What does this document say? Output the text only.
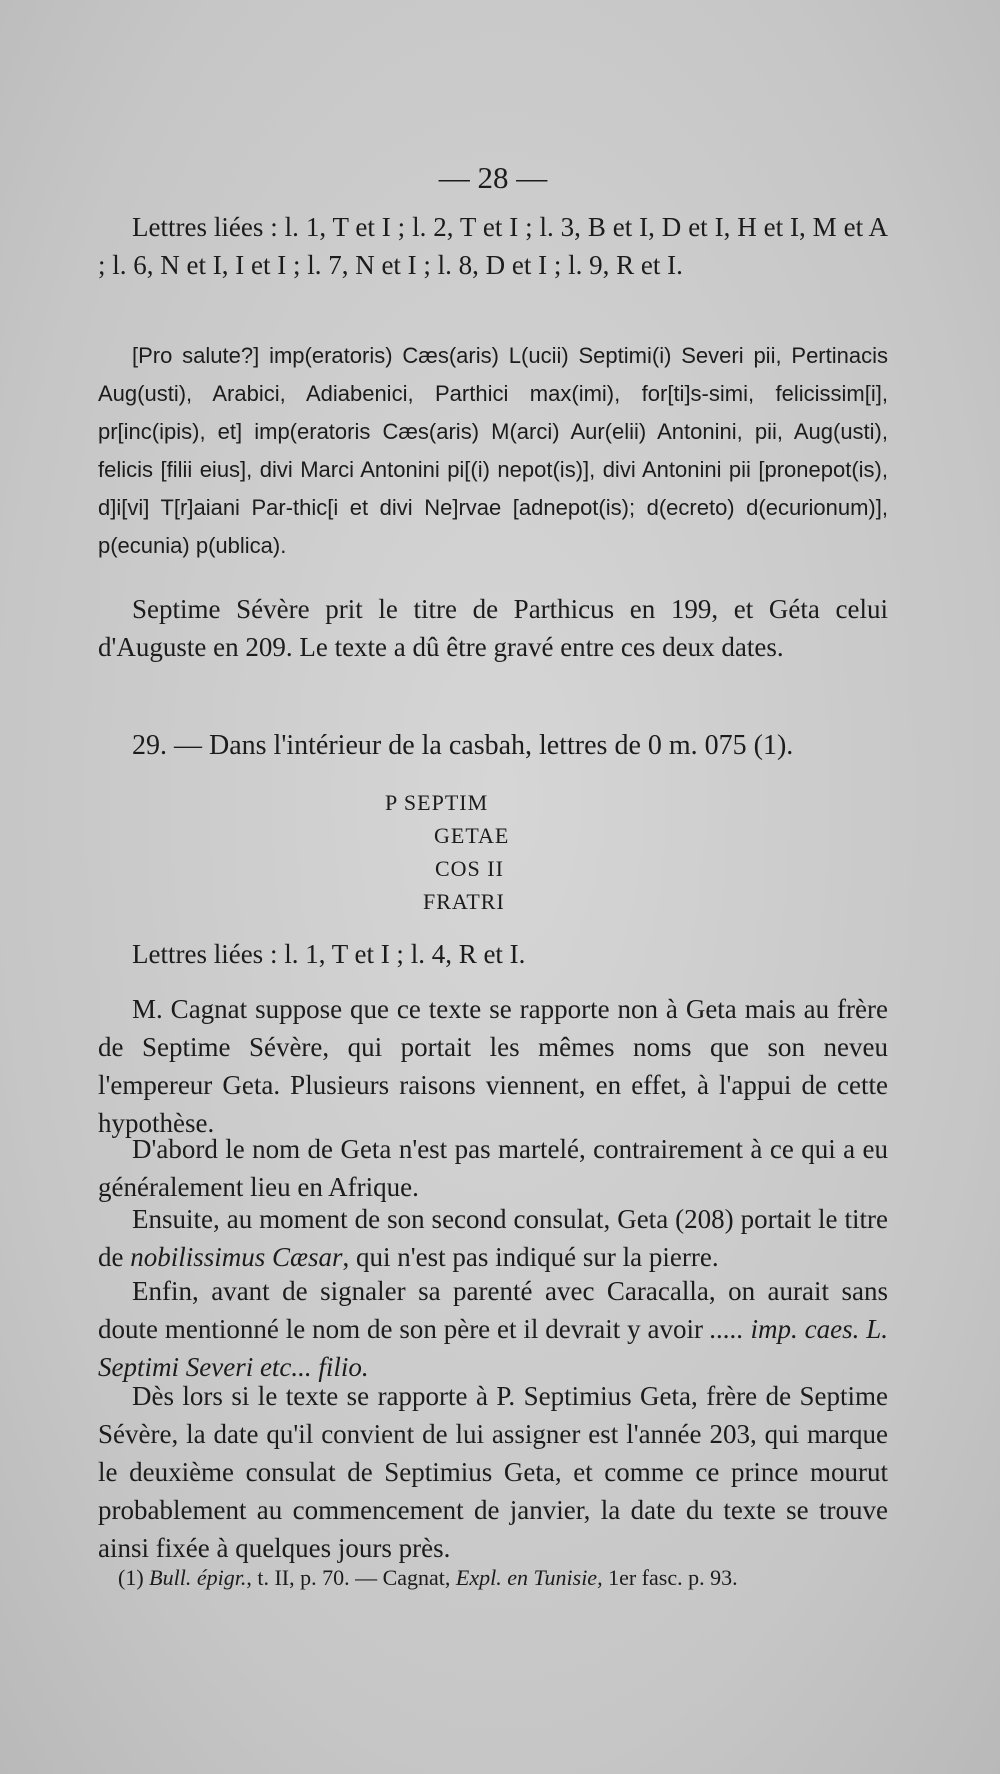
— 28 —

Lettres liées : l. 1, T et I ; l. 2, T et I ; l. 3, B et I, D et I, H et I, M et A ; l. 6, N et I, I et I ; l. 7, N et I ; l. 8, D et I ; l. 9, R et I.

[Pro salute?] imp(eratoris) Cæs(aris) L(ucii) Septimi(i) Severi pii, Pertinacis Aug(usti), Arabici, Adiabenici, Parthici max(imi), for[ti]s-simi, felicissim[i], pr[inc(ipis), et] imp(eratoris Cæs(aris) M(arci) Aur(elii) Antonini, pii, Aug(usti), felicis [filii eius], divi Marci Antonini pi[(i) nepot(is)], divi Antonini pii [pronepot(is), d]i[vi] T[r]aiani Par-thic[i et divi Ne]rvae [adnepot(is); d(ecreto) d(ecurionum)], p(ecunia) p(ublica).

Septime Sévère prit le titre de Parthicus en 199, et Géta celui d'Auguste en 209. Le texte a dû être gravé entre ces deux dates.

29. — Dans l'intérieur de la casbah, lettres de 0 m. 075 (1).

P SEPTIM
GETAE
COS II
FRATRI

Lettres liées : l. 1, T et I ; l. 4, R et I.

M. Cagnat suppose que ce texte se rapporte non à Geta mais au frère de Septime Sévère, qui portait les mêmes noms que son neveu l'empereur Geta. Plusieurs raisons viennent, en effet, à l'appui de cette hypothèse.

D'abord le nom de Geta n'est pas martelé, contrairement à ce qui a eu généralement lieu en Afrique.

Ensuite, au moment de son second consulat, Geta (208) portait le titre de nobilissimus Cæsar, qui n'est pas indiqué sur la pierre.

Enfin, avant de signaler sa parenté avec Caracalla, on aurait sans doute mentionné le nom de son père et il devrait y avoir ..... imp. caes. L. Septimi Severi etc... filio.

Dès lors si le texte se rapporte à P. Septimius Geta, frère de Septime Sévère, la date qu'il convient de lui assigner est l'année 203, qui marque le deuxième consulat de Septimius Geta, et comme ce prince mourut probablement au commencement de janvier, la date du texte se trouve ainsi fixée à quelques jours près.

(1) Bull. épigr., t. II, p. 70. — Cagnat, Expl. en Tunisie, 1er fasc. p. 93.
